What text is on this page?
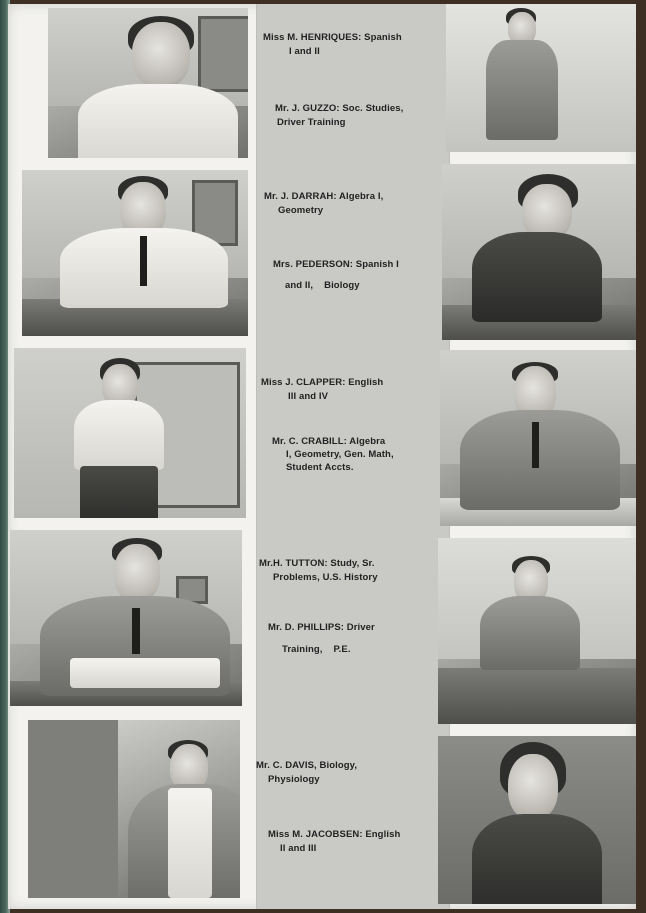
Miss M. HENRIQUES: Spanish
I and II
Mr. J. GUZZO: Soc. Studies,
Driver Training
Mr. J. DARRAH: Algebra I,
Geometry
Mrs. PEDERSON: Spanish I
and II,    Biology
Miss J. CLAPPER: English
III and IV
Mr. C. CRABILL: Algebra
I, Geometry, Gen. Math,
Student Accts.
Mr.H. TUTTON: Study, Sr.
Problems, U.S. History
Mr. D. PHILLIPS: Driver
Training,    P.E.
Mr. C. DAVIS, Biology,
Physiology
Miss M. JACOBSEN: English
II and III
